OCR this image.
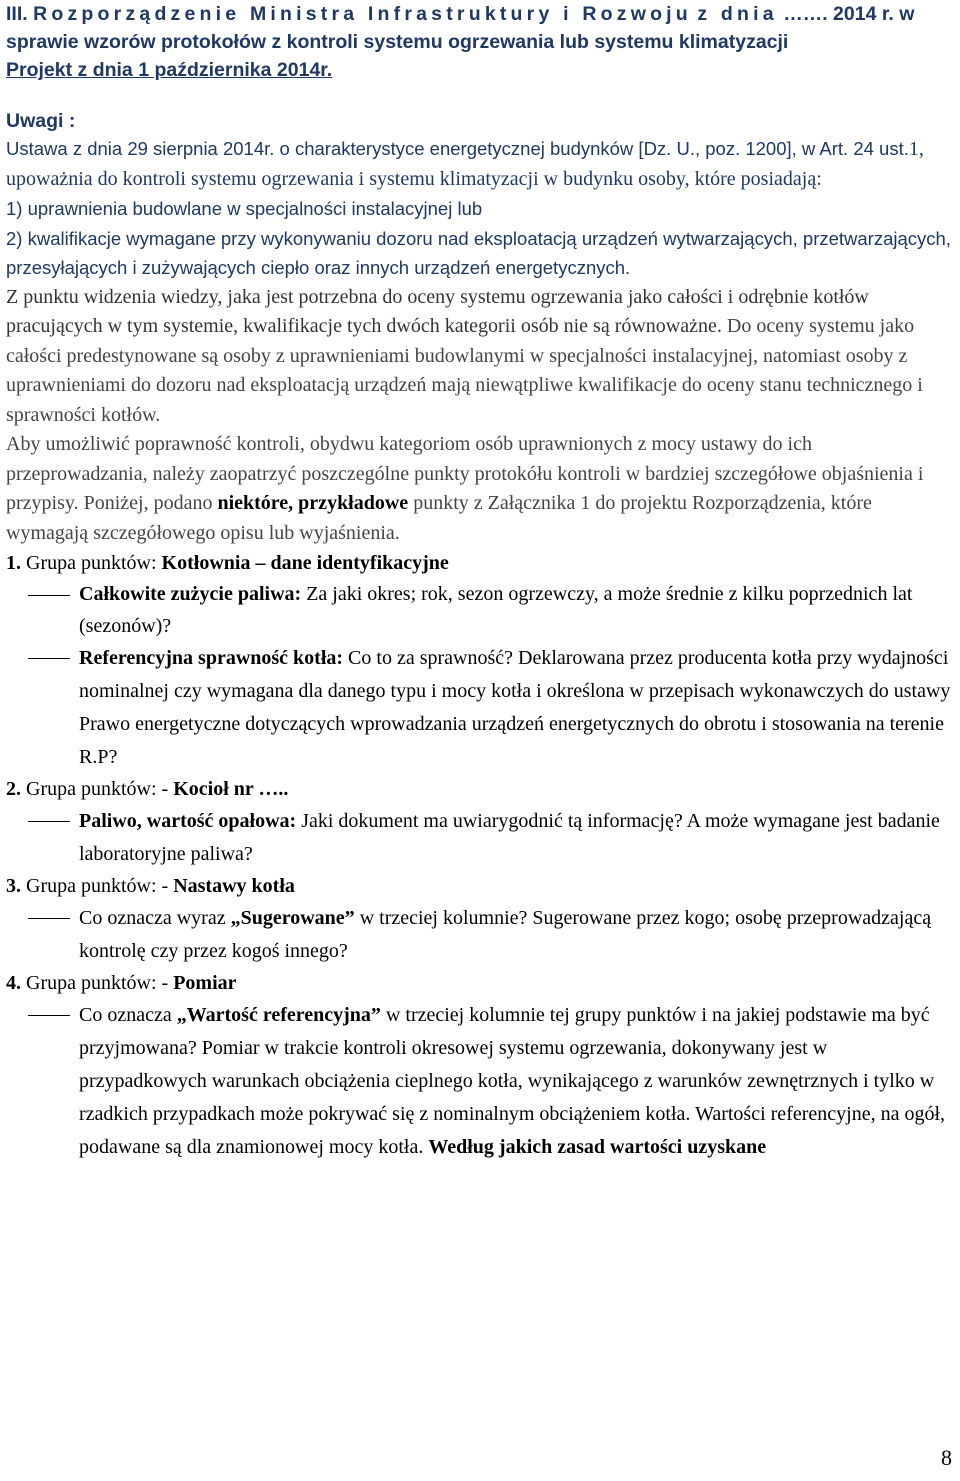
III. Rozporządzenie Ministra Infrastruktury i Rozwoju z dnia ……. 2014 r. w sprawie wzorów protokołów z kontroli systemu ogrzewania lub systemu klimatyzacji
Projekt z dnia 1 października 2014r.
Uwagi :
Ustawa z dnia 29 sierpnia 2014r. o charakterystyce energetycznej budynków [Dz. U., poz. 1200], w Art. 24 ust.1, upoważnia do kontroli systemu ogrzewania i systemu klimatyzacji w budynku osoby, które posiadają:
1) uprawnienia budowlane w specjalności instalacyjnej lub
2) kwalifikacje wymagane przy wykonywaniu dozoru nad eksploatacją urządzeń wytwarzających, przetwarzających, przesyłających i zużywających ciepło oraz innych urządzeń energetycznych.
Z punktu widzenia wiedzy, jaka jest potrzebna do oceny systemu ogrzewania jako całości i odrębnie kotłów pracujących w tym systemie, kwalifikacje tych dwóch kategorii osób nie są równoważne. Do oceny systemu jako całości predestynowane są osoby z uprawnieniami budowlanymi w specjalności instalacyjnej, natomiast osoby z uprawnieniami do dozoru nad eksploatacją urządzeń mają niewątpliwe kwalifikacje do oceny stanu technicznego i sprawności kotłów.
Aby umożliwić poprawność kontroli, obydwu kategoriom osób uprawnionych z mocy ustawy do ich przeprowadzania, należy zaopatrzyć poszczególne punkty protokółu kontroli w bardziej szczegółowe objaśnienia i przypisy. Poniżej, podano niektóre, przykładowe punkty z Załącznika 1 do projektu Rozporządzenia, które wymagają szczegółowego opisu lub wyjaśnienia.
1. Grupa punktów: Kotłownia – dane identyfikacyjne
Całkowite zużycie paliwa: Za jaki okres; rok, sezon ogrzewczy, a może średnie z kilku poprzednich lat (sezonów)?
Referencyjna sprawność kotła: Co to za sprawność? Deklarowana przez producenta kotła przy wydajności nominalnej czy wymagana dla danego typu i mocy kotła i określona w przepisach wykonawczych do ustawy Prawo energetyczne dotyczących wprowadzania urządzeń energetycznych do obrotu i stosowania na terenie R.P?
2. Grupa punktów: - Kocioł nr …..
Paliwo, wartość opałowa: Jaki dokument ma uwiarygodnić tą informację? A może wymagane jest badanie laboratoryjne paliwa?
3. Grupa punktów: - Nastawy kotła
Co oznacza wyraz „Sugerowane” w trzeciej kolumnie? Sugerowane przez kogo; osobę przeprowadzającą kontrolę czy przez kogoś innego?
4. Grupa punktów: - Pomiar
Co oznacza „Wartość referencyjna” w trzeciej kolumnie tej grupy punktów i na jakiej podstawie ma być przyjmowana? Pomiar w trakcie kontroli okresowej systemu ogrzewania, dokonywany jest w przypadkowych warunkach obciążenia cieplnego kotła, wynikającego z warunków zewnętrznych i tylko w rzadkich przypadkach może pokrywać się z nominalnym obciążeniem kotła. Wartości referencyjne, na ogół, podawane są dla znamionowej mocy kotła. Według jakich zasad wartości uzyskane
8
